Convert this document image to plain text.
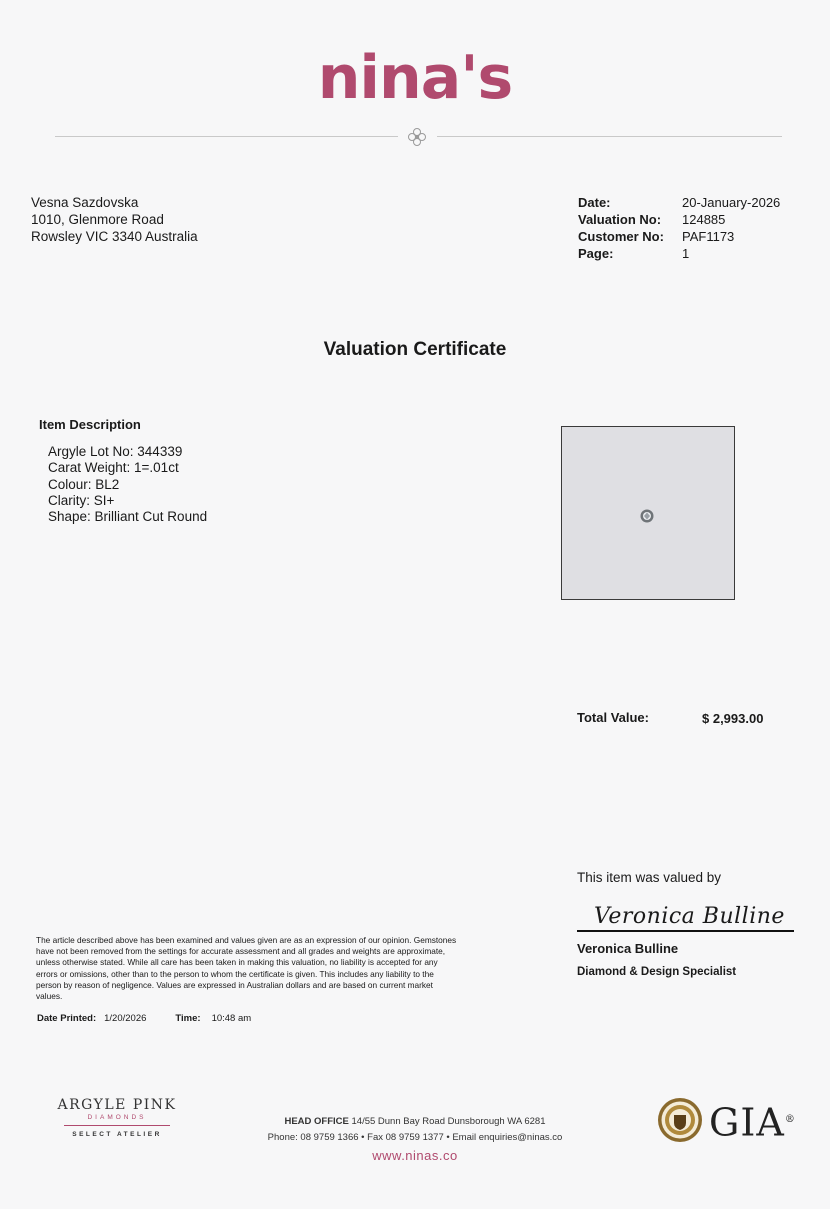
nina's
Vesna Sazdovska
1010, Glenmore Road
Rowsley VIC 3340 Australia
Date:	20-January-2026
Valuation No:	124885
Customer No:	PAF1173
Page:	1
Valuation Certificate
Item Description
Argyle Lot No: 344339
Carat Weight: 1=.01ct
Colour: BL2
Clarity: SI+
Shape: Brilliant Cut Round
Total Value:	$ 2,993.00
This item was valued by
Veronica Bulline
Veronica Bulline
Diamond & Design Specialist
The article described above has been examined and values given are as an expression of our opinion. Gemstones have not been removed from the settings for accurate assessment and all grades and weights are approximate, unless otherwise stated. While all care has been taken in making this valuation, no liability is accepted for any errors or omissions, other than to the person to whom the certificate is given. This includes any liability to the person by reason of negligence. Values are expressed in Australian dollars and are based on current market values.
Date Printed: 1/20/2026	Time: 10:48 am
ARGYLE PINK
DIAMONDS
SELECT ATELIER
HEAD OFFICE 14/55 Dunn Bay Road Dunsborough WA 6281
Phone: 08 9759 1366 • Fax 08 9759 1377 • Email enquiries@ninas.co
www.ninas.co
GIA®
